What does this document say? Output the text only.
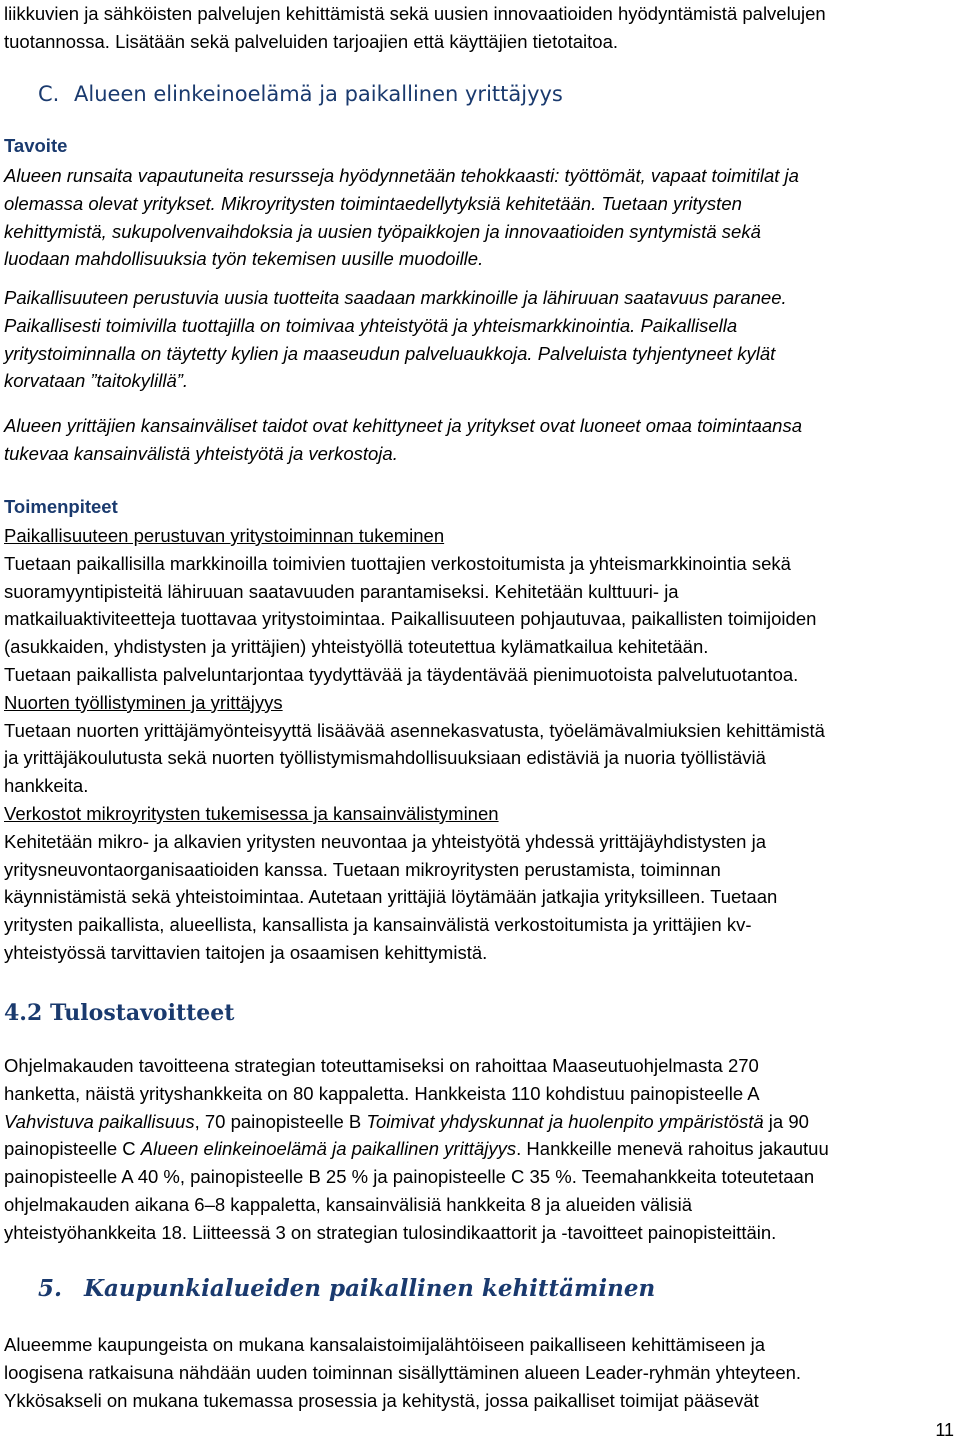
liikkuvien ja sähköisten palvelujen kehittämistä sekä uusien innovaatioiden hyödyntämistä palvelujen
tuotannossa. Lisätään sekä palveluiden tarjoajien että käyttäjien tietotaitoa.

C. Alueen elinkeinoelämä ja paikallinen yrittäjyys
Tavoite

Alueen runsaita vapautuneita resursseja hyödynnetään tehokkaasti: työttömät, vapaat toimitilat ja
olemassa olevat yritykset. Mikroyritysten toimintaedellytyksiä kehitetään. Tuetaan yritysten
kehittymistä, sukupolvenvaihdoksia ja uusien työpaikkojen ja innovaatioiden syntymistä sekä
luodaan mahdollisuuksia työn tekemisen uusille muodoille.

Paikallisuuteen perustuvia uusia tuotteita saadaan markkinoille ja lähiruuan saatavuus paranee.
Paikallisesti toimivilla tuottajilla on toimivaa yhteistyötä ja yhteismarkkinointia. Paikallisella
yritystoiminnalla on täytetty kylien ja maaseudun palveluaukkoja. Palveluista tyhjentyneet kylät
korvataan ”taitokylillä”.

Alueen yrittäjien kansainväliset taidot ovat kehittyneet ja yritykset ovat luoneet omaa toimintaansa
tukevaa kansainvälistä yhteistyötä ja verkostoja.

Toimenpiteet

Paikallisuuteen perustuvan yritystoiminnan tukeminen
Tuetaan paikallisilla markkinoilla toimivien tuottajien verkostoitumista ja yhteismarkkinointia sekä
suoramyyntipisteitä lähiruuan saatavuuden parantamiseksi. Kehitetään kulttuuri- ja
matkailuaktiviteetteja tuottavaa yritystoimintaa. Paikallisuuteen pohjautuvaa, paikallisten toimijoiden
(asukkaiden, yhdistysten ja yrittäjien) yhteistyöllä toteutettua kylämatkailua kehitetään.
Tuetaan paikallista palveluntarjontaa tyydyttävää ja täydentävää pienimuotoista palvelutuotantoa.
Nuorten työllistyminen ja yrittäjyys
Tuetaan nuorten yrittäjämyönteisyyttä lisäävää asennekasvatusta, työelämävalmiuksien kehittämistä
ja yrittäjäkoulutusta sekä nuorten työllistymismahdollisuuksiaan edistäviä ja nuoria työllistäviä
hankkeita.
Verkostot mikroyritysten tukemisessa ja kansainvälistyminen
Kehitetään mikro- ja alkavien yritysten neuvontaa ja yhteistyötä yhdessä yrittäjäyhdistysten ja
yritysneuvontaorganisaatioiden kanssa. Tuetaan mikroyritysten perustamista, toiminnan
käynnistämistä sekä yhteistoimintaa. Autetaan yrittäjiä löytämään jatkajia yrityksilleen. Tuetaan
yritysten paikallista, alueellista, kansallista ja kansainvälistä verkostoitumista ja yrittäjien kv-
yhteistyössä tarvittavien taitojen ja osaamisen kehittymistä.

4.2 Tulostavoitteet

Ohjelmakauden tavoitteena strategian toteuttamiseksi on rahoittaa Maaseutuohjelmasta 270
hanketta, näistä yrityshankkeita on 80 kappaletta. Hankkeista 110 kohdistuu painopisteelle A
Vahvistuva paikallisuus, 70 painopisteelle B Toimivat yhdyskunnat ja huolenpito ympäristöstä ja 90
painopisteelle C Alueen elinkeinoelämä ja paikallinen yrittäjyys. Hankkeille menevä rahoitus jakautuu
painopisteelle A 40 %, painopisteelle B 25 % ja painopisteelle C 35 %. Teemahankkeita toteutetaan
ohjelmakauden aikana 6–8 kappaletta, kansainvälisiä hankkeita 8 ja alueiden välisiä
yhteistyöhankkeita 18. Liitteessä 3 on strategian tulosindikaattorit ja -tavoitteet painopisteittäin.

5. Kaupunkialueiden paikallinen kehittäminen

Alueemme kaupungeista on mukana kansalaistoimijalähtöiseen paikalliseen kehittämiseen ja
loogisena ratkaisuna nähdään uuden toiminnan sisällyttäminen alueen Leader-ryhmän yhteyteen.
Ykkösakseli on mukana tukemassa prosessia ja kehitystä, jossa paikalliset toimijat pääsevät

11
